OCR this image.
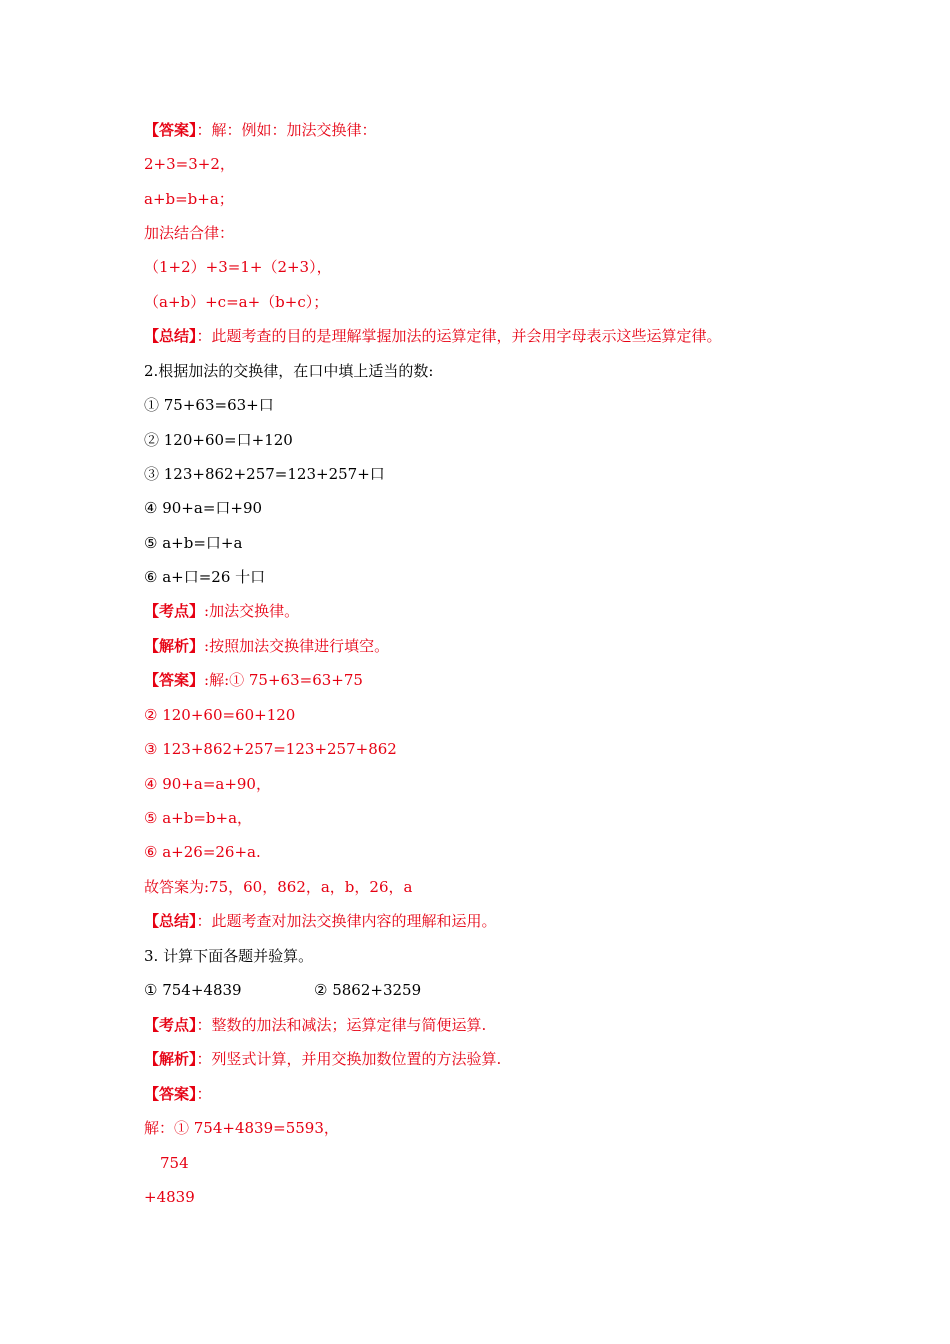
【答案】：解：例如：加法交换律：
2+3=3+2，
a+b=b+a；
加法结合律：
（1+2）+3=1+（2+3），
（a+b）+c=a+（b+c）；
【总结】：此题考查的目的是理解掌握加法的运算定律，并会用字母表示这些运算定律。
2.根据加法的交换律，在口中填上适当的数:
① 75+63=63+口
② 120+60=口+120
③ 123+862+257=123+257+口
④ 90+a=口+90
⑤ a+b=口+a
⑥ a+口=26 十口
【考点】:加法交换律。
【解析】:按照加法交换律进行填空。
【答案】:解:① 75+63=63+75
② 120+60=60+120
③ 123+862+257=123+257+862
④ 90+a=a+90，
⑤ a+b=b+a，
⑥ a+26=26+a.
故答案为:75，60，862，a，b，26，a
【总结】：此题考查对加法交换律内容的理解和运用。
3. 计算下面各题并验算。
① 754+4839	② 5862+3259
【考点】：整数的加法和减法；运算定律与简便运算.
【解析】：列竖式计算，并用交换加数位置的方法验算.
【答案】：
解：① 754+4839=5593，
754
+4839
